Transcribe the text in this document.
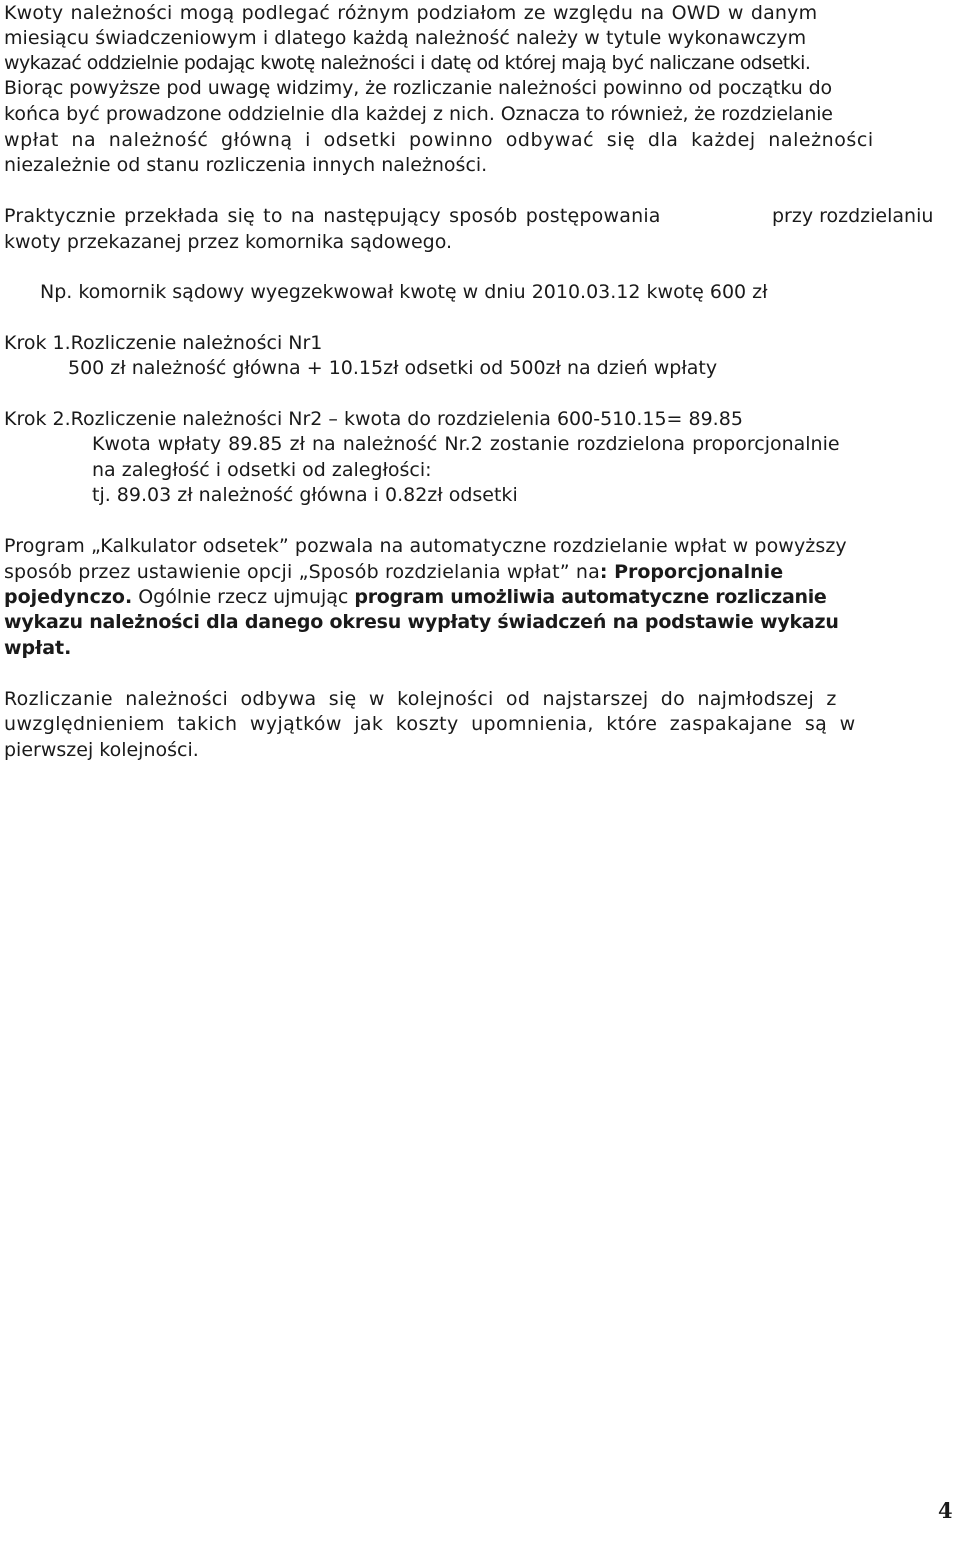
Kwoty należności mogą podlegać różnym podziałom ze względu na OWD w danym
miesiącu świadczeniowym i dlatego każdą należność należy w tytule wykonawczym
wykazać oddzielnie podając kwotę należności i datę od której mają być naliczane odsetki.
Biorąc powyższe pod uwagę widzimy, że rozliczanie należności powinno od początku do
końca być prowadzone oddzielnie dla każdej z nich. Oznacza to również, że rozdzielanie
wpłat na należność główną i odsetki powinno odbywać się dla każdej należności
niezależnie od stanu rozliczenia innych należności.
Praktycznie przekłada się to na następujący sposób postępowania	przy rozdzielaniu
kwoty przekazanej przez komornika sądowego.
Np. komornik sądowy wyegzekwował kwotę w dniu 2010.03.12 kwotę 600 zł
Krok 1.Rozliczenie należności Nr1
500 zł należność główna + 10.15zł odsetki od 500zł na dzień wpłaty
Krok 2.Rozliczenie należności Nr2 – kwota do rozdzielenia 600-510.15= 89.85
Kwota wpłaty 89.85 zł na należność Nr.2 zostanie rozdzielona proporcjonalnie
na zaległość i odsetki od zaległości:
tj. 89.03 zł należność główna i 0.82zł odsetki
Program „Kalkulator odsetek” pozwala na automatyczne rozdzielanie wpłat w powyższy
sposób przez ustawienie opcji „Sposób rozdzielania wpłat” na: Proporcjonalnie
pojedynczo. Ogólnie rzecz ujmując program umożliwia automatyczne rozliczanie
wykazu należności dla danego okresu wypłaty świadczeń na podstawie wykazu
wpłat.
Rozliczanie należności odbywa się w kolejności od najstarszej do najmłodszej z
uwzględnieniem takich wyjątków jak koszty upomnienia, które zaspakajane są w
pierwszej kolejności.
4
